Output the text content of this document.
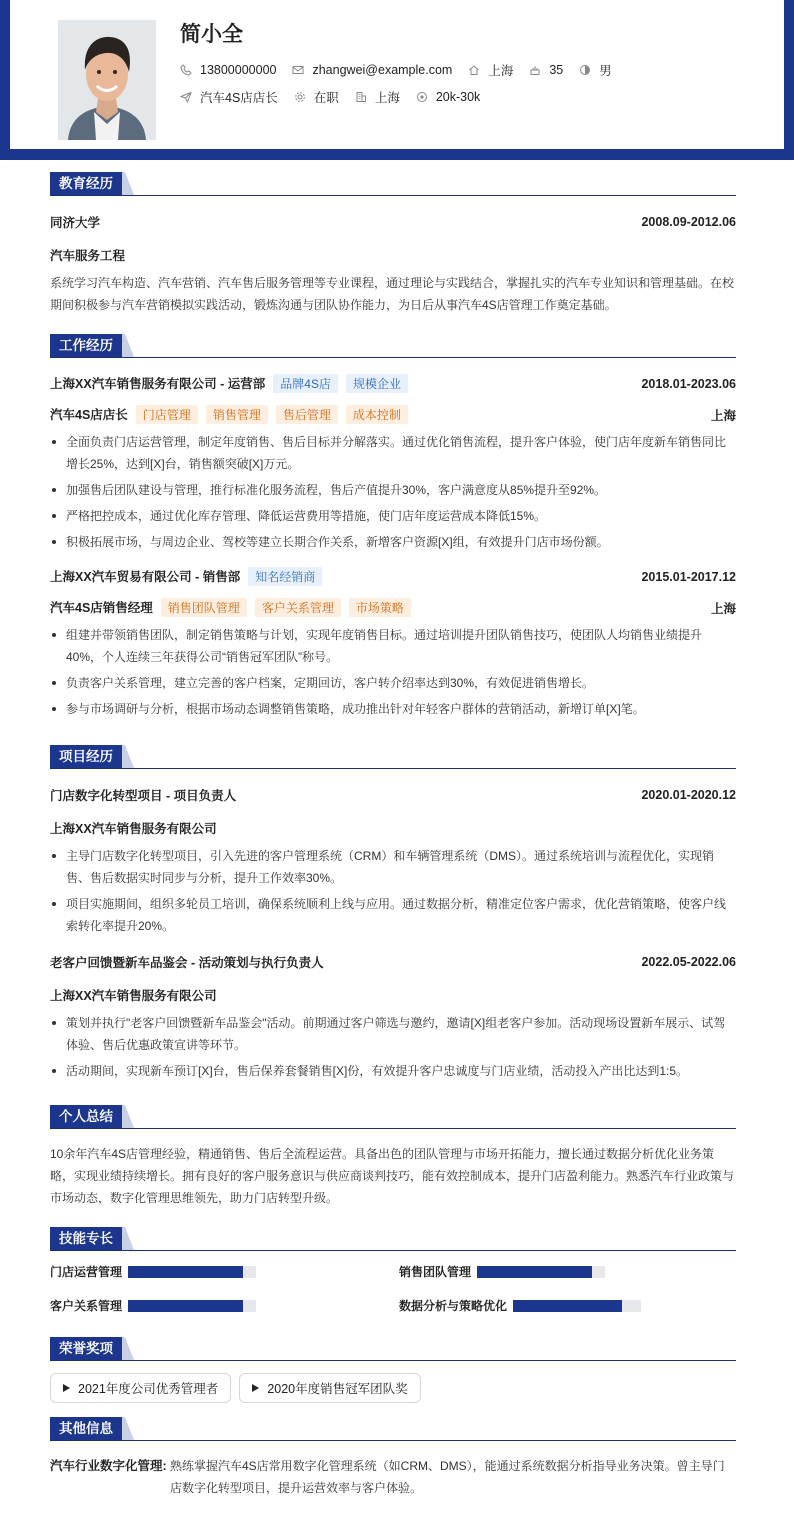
简小全
13800000000	zhangwei@example.com	上海	35	男
汽车4S店店长	在职	上海	20k-30k
教育经历
同济大学	2008.09-2012.06
汽车服务工程
系统学习汽车构造、汽车营销、汽车售后服务管理等专业课程，通过理论与实践结合，掌握扎实的汽车专业知识和管理基础。在校期间积极参与汽车营销模拟实践活动，锻炼沟通与团队协作能力，为日后从事汽车4S店管理工作奠定基础。
工作经历
上海XX汽车销售服务有限公司 - 运营部 品牌4S店 规模企业	2018.01-2023.06
汽车4S店店长 门店管理 销售管理 售后管理 成本控制	上海
全面负责门店运营管理，制定年度销售、售后目标并分解落实。通过优化销售流程，提升客户体验，使门店年度新车销售同比增长25%，达到[X]台，销售额突破[X]万元。
加强售后团队建设与管理，推行标准化服务流程，售后产值提升30%，客户满意度从85%提升至92%。
严格把控成本，通过优化库存管理、降低运营费用等措施，使门店年度运营成本降低15%。
积极拓展市场，与周边企业、驾校等建立长期合作关系，新增客户资源[X]组，有效提升门店市场份额。
上海XX汽车贸易有限公司 - 销售部 知名经销商	2015.01-2017.12
汽车4S店销售经理 销售团队管理 客户关系管理 市场策略	上海
组建并带领销售团队，制定销售策略与计划，实现年度销售目标。通过培训提升团队销售技巧，使团队人均销售业绩提升40%，个人连续三年获得公司“销售冠军团队”称号。
负责客户关系管理，建立完善的客户档案，定期回访，客户转介绍率达到30%，有效促进销售增长。
参与市场调研与分析，根据市场动态调整销售策略，成功推出针对年轻客户群体的营销活动，新增订单[X]笔。
项目经历
门店数字化转型项目 - 项目负责人	2020.01-2020.12
上海XX汽车销售服务有限公司
主导门店数字化转型项目，引入先进的客户管理系统（CRM）和车辆管理系统（DMS）。通过系统培训与流程优化，实现销售、售后数据实时同步与分析，提升工作效率30%。
项目实施期间，组织多轮员工培训，确保系统顺利上线与应用。通过数据分析，精准定位客户需求，优化营销策略，使客户线索转化率提升20%。
老客户回馈暨新车品鉴会 - 活动策划与执行负责人	2022.05-2022.06
上海XX汽车销售服务有限公司
策划并执行"老客户回馈暨新车品鉴会"活动。前期通过客户筛选与邀约，邀请[X]组老客户参加。活动现场设置新车展示、试驾体验、售后优惠政策宣讲等环节。
活动期间，实现新车预订[X]台，售后保养套餐销售[X]份，有效提升客户忠诚度与门店业绩，活动投入产出比达到1:5。
个人总结
10余年汽车4S店管理经验，精通销售、售后全流程运营。具备出色的团队管理与市场开拓能力，擅长通过数据分析优化业务策略，实现业绩持续增长。拥有良好的客户服务意识与供应商谈判技巧，能有效控制成本，提升门店盈利能力。熟悉汽车行业政策与市场动态，数字化管理思维领先，助力门店转型升级。
技能专长
门店运营管理	销售团队管理
客户关系管理	数据分析与策略优化
荣誉奖项
2021年度公司优秀管理者	2020年度销售冠军团队奖
其他信息
汽车行业数字化管理: 熟练掌握汽车4S店常用数字化管理系统（如CRM、DMS），能通过系统数据分析指导业务决策。曾主导门店数字化转型项目，提升运营效率与客户体验。
